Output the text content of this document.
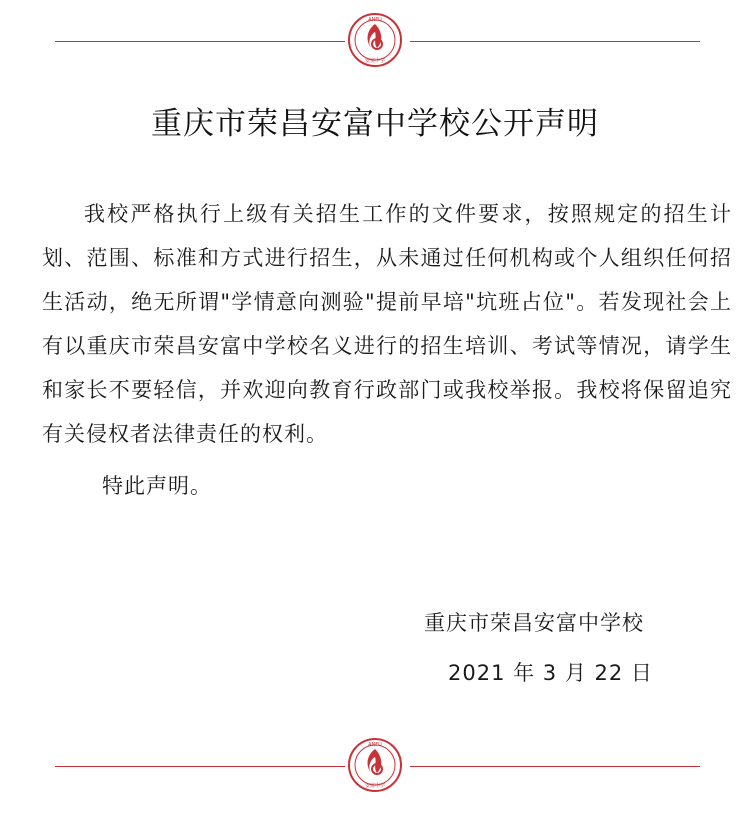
ANFU
安富中学
重庆市荣昌安富中学校公开声明

我校严格执行上级有关招生工作的文件要求，按照规定的招生计划、范围、标准和方式进行招生，从未通过任何机构或个人组织任何招生活动，绝无所谓"学情意向测验"提前早培"坑班占位"。若发现社会上有以重庆市荣昌安富中学校名义进行的招生培训、考试等情况，请学生和家长不要轻信，并欢迎向教育行政部门或我校举报。我校将保留追究有关侵权者法律责任的权利。

特此声明。
重庆市荣昌安富中学校
2021 年 3 月 22 日
ANFU
安富中学
